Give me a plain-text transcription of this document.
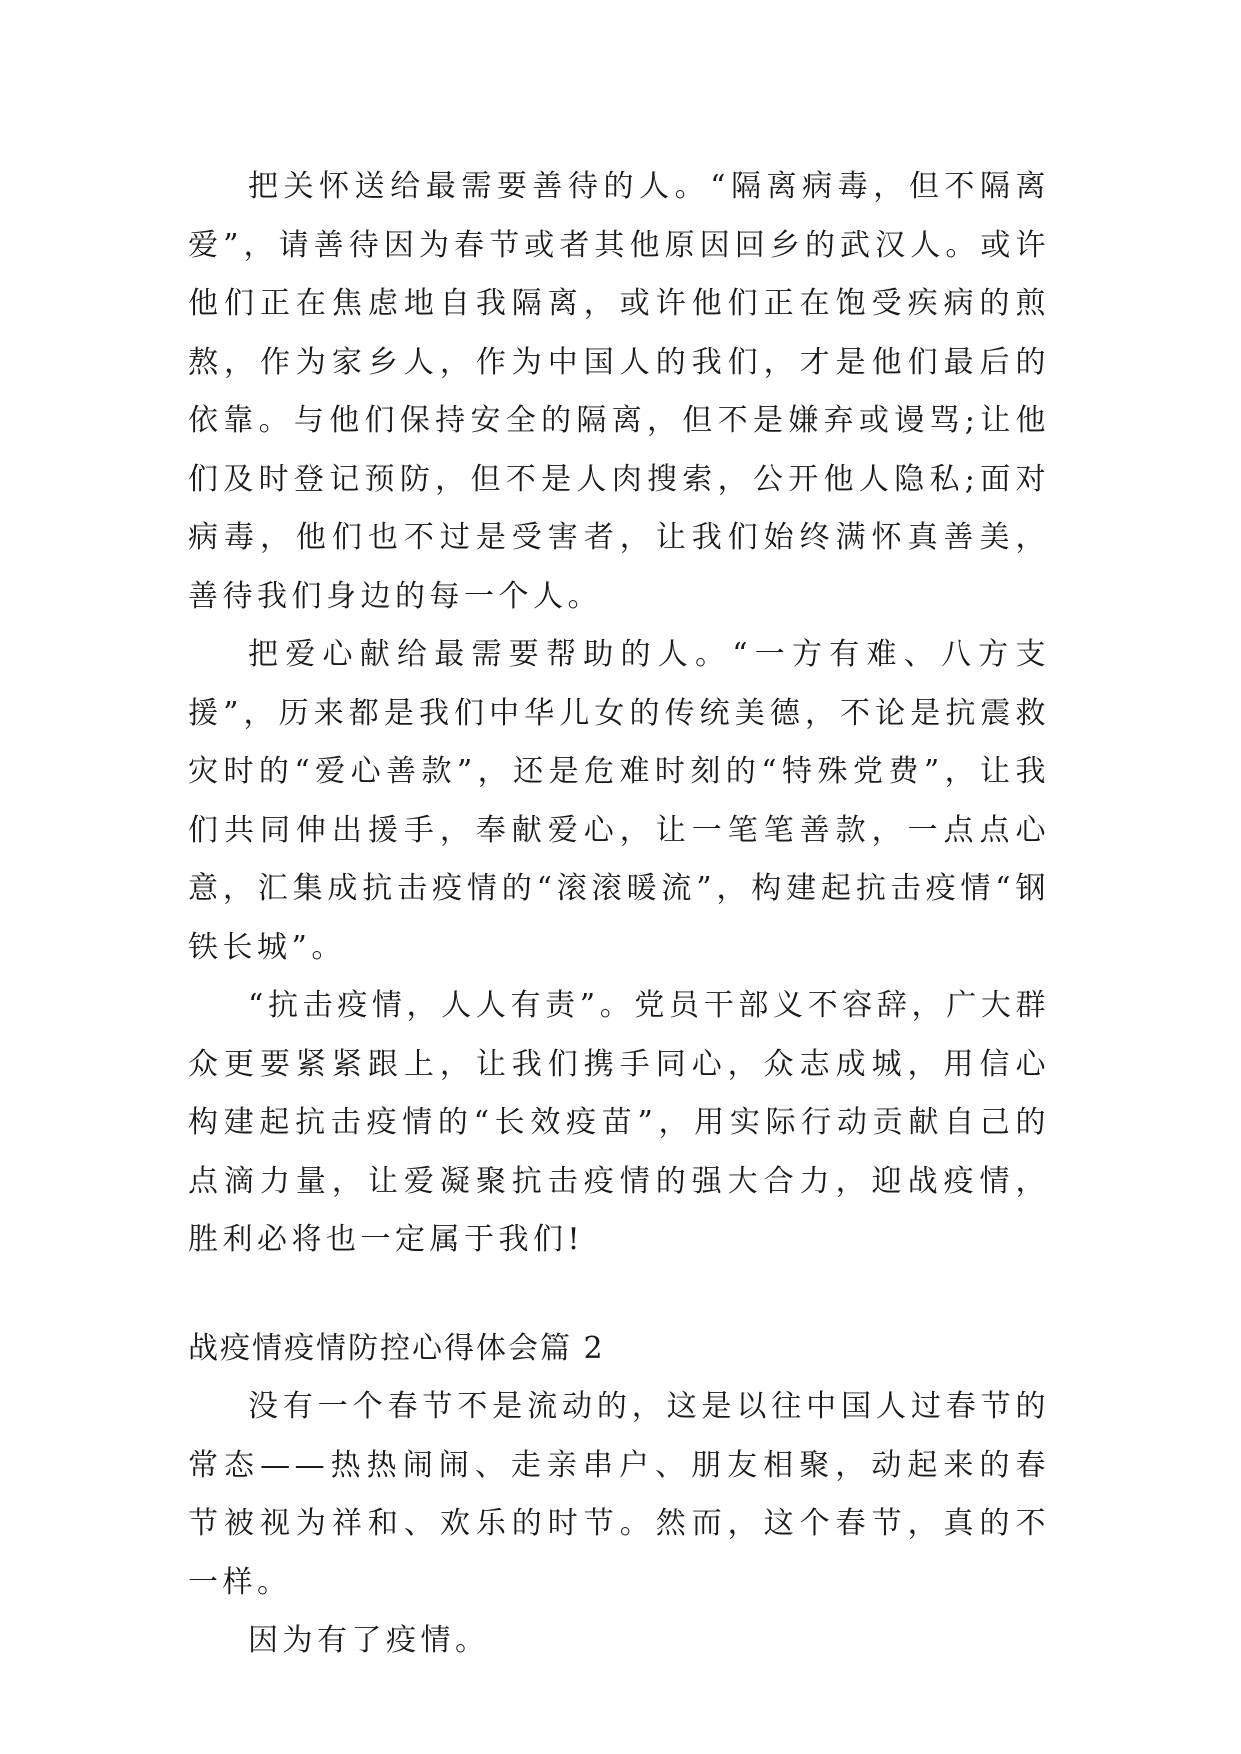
把关怀送给最需要善待的人。“隔离病毒，但不隔离爱”，请善待因为春节或者其他原因回乡的武汉人。或许他们正在焦虑地自我隔离，或许他们正在饱受疾病的煎熬，作为家乡人，作为中国人的我们，才是他们最后的依靠。与他们保持安全的隔离，但不是嫌弃或谩骂;让他们及时登记预防，但不是人肉搜索，公开他人隐私;面对病毒，他们也不过是受害者，让我们始终满怀真善美，善待我们身边的每一个人。

把爱心献给最需要帮助的人。“一方有难、八方支援”，历来都是我们中华儿女的传统美德，不论是抗震救灾时的“爱心善款”，还是危难时刻的“特殊党费”，让我们共同伸出援手，奉献爱心，让一笔笔善款，一点点心意，汇集成抗击疫情的“滚滚暖流”，构建起抗击疫情“钢铁长城”。

“抗击疫情，人人有责”。党员干部义不容辞，广大群众更要紧紧跟上，让我们携手同心，众志成城，用信心构建起抗击疫情的“长效疫苗”，用实际行动贡献自己的点滴力量，让爱凝聚抗击疫情的强大合力，迎战疫情，胜利必将也一定属于我们!

战疫情疫情防控心得体会篇 2

没有一个春节不是流动的，这是以往中国人过春节的常态——热热闹闹、走亲串户、朋友相聚，动起来的春节被视为祥和、欢乐的时节。然而，这个春节，真的不一样。

因为有了疫情。
